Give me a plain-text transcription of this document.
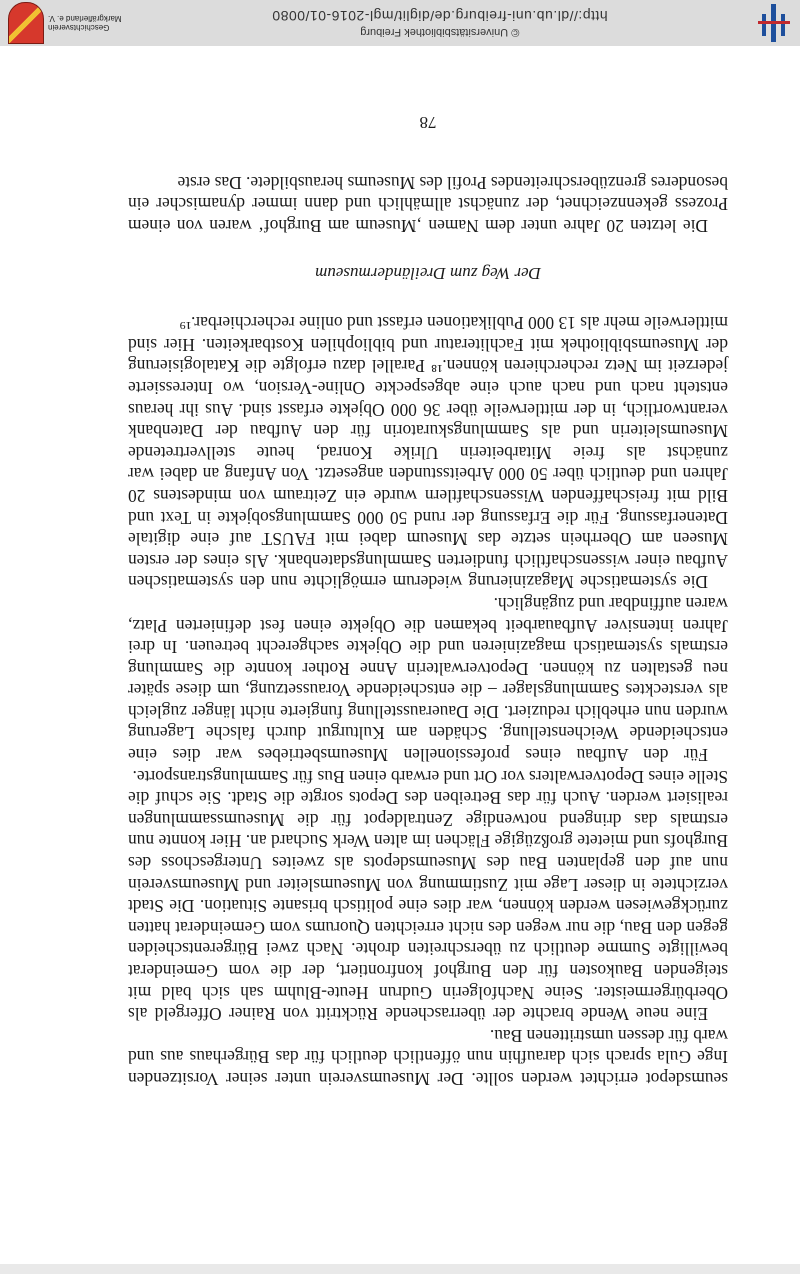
seumsdepot errichtet werden sollte. Der Museumsverein unter seiner Vorsitzenden Inge Gula sprach sich daraufhin nun öffentlich deutlich für das Bürgerhaus aus und warb für dessen umstrittenen Bau.

Eine neue Wende brachte der überraschende Rücktritt von Rainer Offergeld als Oberbürgermeister. Seine Nachfolgerin Gudrun Heute-Bluhm sah sich bald mit steigenden Baukosten für den Burghof konfrontiert, der die vom Gemeinderat bewilligte Summe deutlich zu überschreiten drohte. Nach zwei Bürgerentscheiden gegen den Bau, die nur wegen des nicht erreichten Quorums vom Gemeinderat hatten zurückgewiesen werden können, war dies eine politisch brisante Situation. Die Stadt verzichtete in dieser Lage mit Zustimmung von Museumsleiter und Museumsverein nun auf den geplanten Bau des Museumsdepots als zweites Untergeschoss des Burghofs und mietete großzügige Flächen im alten Werk Suchard an. Hier konnte nun erstmals das dringend notwendige Zentraldepot für die Museumssammlungen realisiert werden. Auch für das Betreiben des Depots sorgte die Stadt. Sie schuf die Stelle eines Depotverwalters vor Ort und erwarb einen Bus für Sammlungstransporte.

Für den Aufbau eines professionellen Museumsbetriebes war dies eine entscheidende Weichenstellung. Schäden am Kulturgut durch falsche Lagerung wurden nun erheblich reduziert. Die Dauerausstellung fungierte nicht länger zugleich als verstecktes Sammlungslager – die entscheidende Voraussetzung, um diese später neu gestalten zu können. Depotverwalterin Anne Rother konnte die Sammlung erstmals systematisch magazinieren und die Objekte sachgerecht betreuen. In drei Jahren intensiver Aufbauarbeit bekamen die Objekte einen fest definierten Platz, waren auffindbar und zugänglich.

Die systematische Magazinierung wiederum ermöglichte nun den systematischen Aufbau einer wissenschaftlich fundierten Sammlungsdatenbank. Als eines der ersten Museen am Oberrhein setzte das Museum dabei mit FAUST auf eine digitale Datenerfassung. Für die Erfassung der rund 50 000 Sammlungsobjekte in Text und Bild mit freischaffenden Wissenschaftlern wurde ein Zeitraum von mindestens 20 Jahren und deutlich über 50 000 Arbeitsstunden angesetzt. Von Anfang an dabei war zunächst als freie Mitarbeiterin Ulrike Konrad, heute stellvertretende Museumsleiterin und als Sammlungskuratorin für den Aufbau der Datenbank verantwortlich, in der mittlerweile über 36 000 Objekte erfasst sind. Aus ihr heraus entsteht nach und nach auch eine abgespeckte Online-Version, wo Interessierte jederzeit im Netz recherchieren können.¹⁸ Parallel dazu erfolgte die Katalogisierung der Museumsbibliothek mit Fachliteratur und bibliophilen Kostbarkeiten. Hier sind mittlerweile mehr als 13 000 Publikationen erfasst und online recherchierbar.¹⁹

Der Weg zum Dreiländermuseum

Die letzten 20 Jahre unter dem Namen ‚Museum am Burghof‘ waren von einem Prozess gekennzeichnet, der zunächst allmählich und dann immer dynamischer ein besonderes grenzüberschreitendes Profil des Museums herausbildete. Das erste

78
© Universitätsbibliothek Freiburg
http://dl.ub.uni-freiburg.de/diglit/mgl-2016-01/0080
Geschichtsverein
Markgräflerland e. V.
